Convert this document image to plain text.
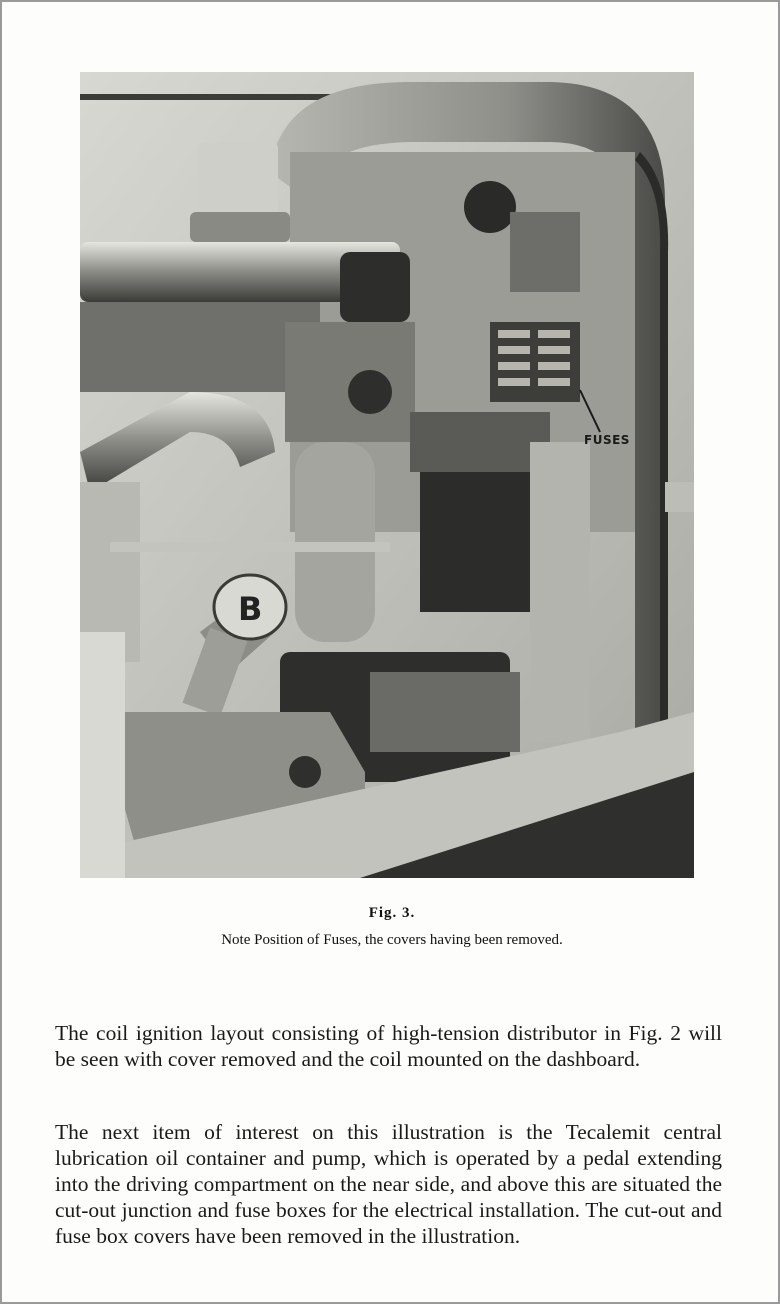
B
FUSES
Fig. 3.
Note Position of Fuses, the covers having been removed.

The coil ignition layout consisting of high-tension distributor in Fig. 2 will be seen with cover removed and the coil mounted on the dashboard.

The next item of interest on this illustration is the Tecalemit central lubrication oil container and pump, which is operated by a pedal extending into the driving compartment on the near side, and above this are situated the cut-out junction and fuse boxes for the electrical installation. The cut-out and fuse box covers have been removed in the illustration.
